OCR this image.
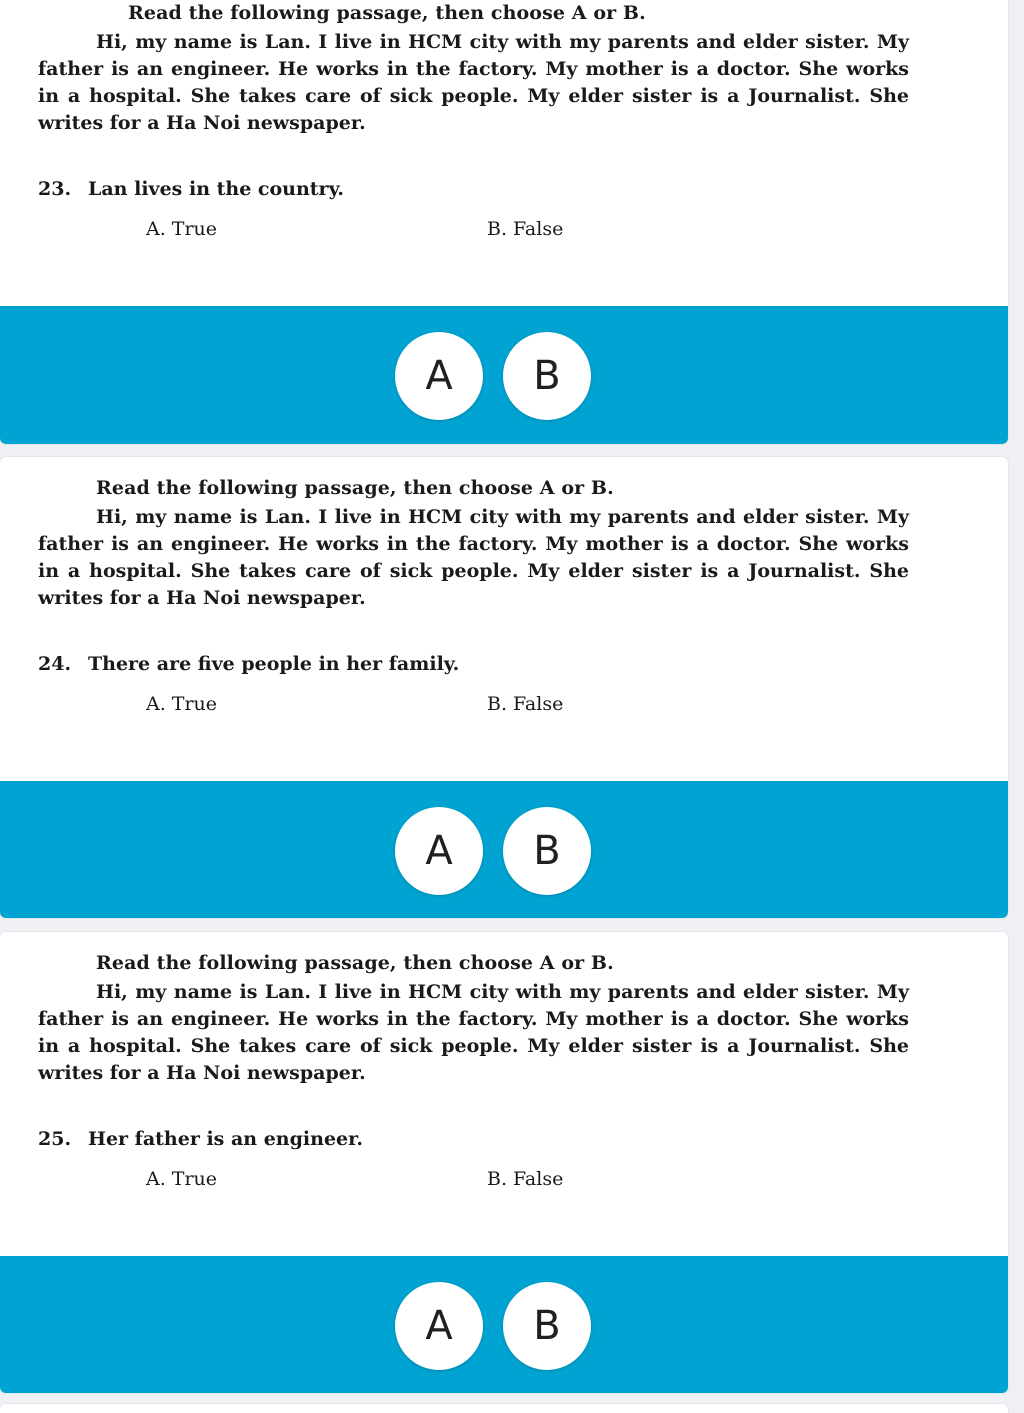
Read the following passage, then choose A or B.
Hi, my name is Lan. I live in HCM city with my parents and elder sister. My father is an engineer. He works in the factory. My mother is a doctor. She works in a hospital. She takes care of sick people. My elder sister is a Journalist. She writes for a Ha Noi newspaper.
23. Lan lives in the country.
A. True	B. False
A	B
Read the following passage, then choose A or B.
Hi, my name is Lan. I live in HCM city with my parents and elder sister. My father is an engineer. He works in the factory. My mother is a doctor. She works in a hospital. She takes care of sick people. My elder sister is a Journalist. She writes for a Ha Noi newspaper.
24. There are five people in her family.
A. True	B. False
A	B
Read the following passage, then choose A or B.
Hi, my name is Lan. I live in HCM city with my parents and elder sister. My father is an engineer. He works in the factory. My mother is a doctor. She works in a hospital. She takes care of sick people. My elder sister is a Journalist. She writes for a Ha Noi newspaper.
25. Her father is an engineer.
A. True	B. False
A	B
